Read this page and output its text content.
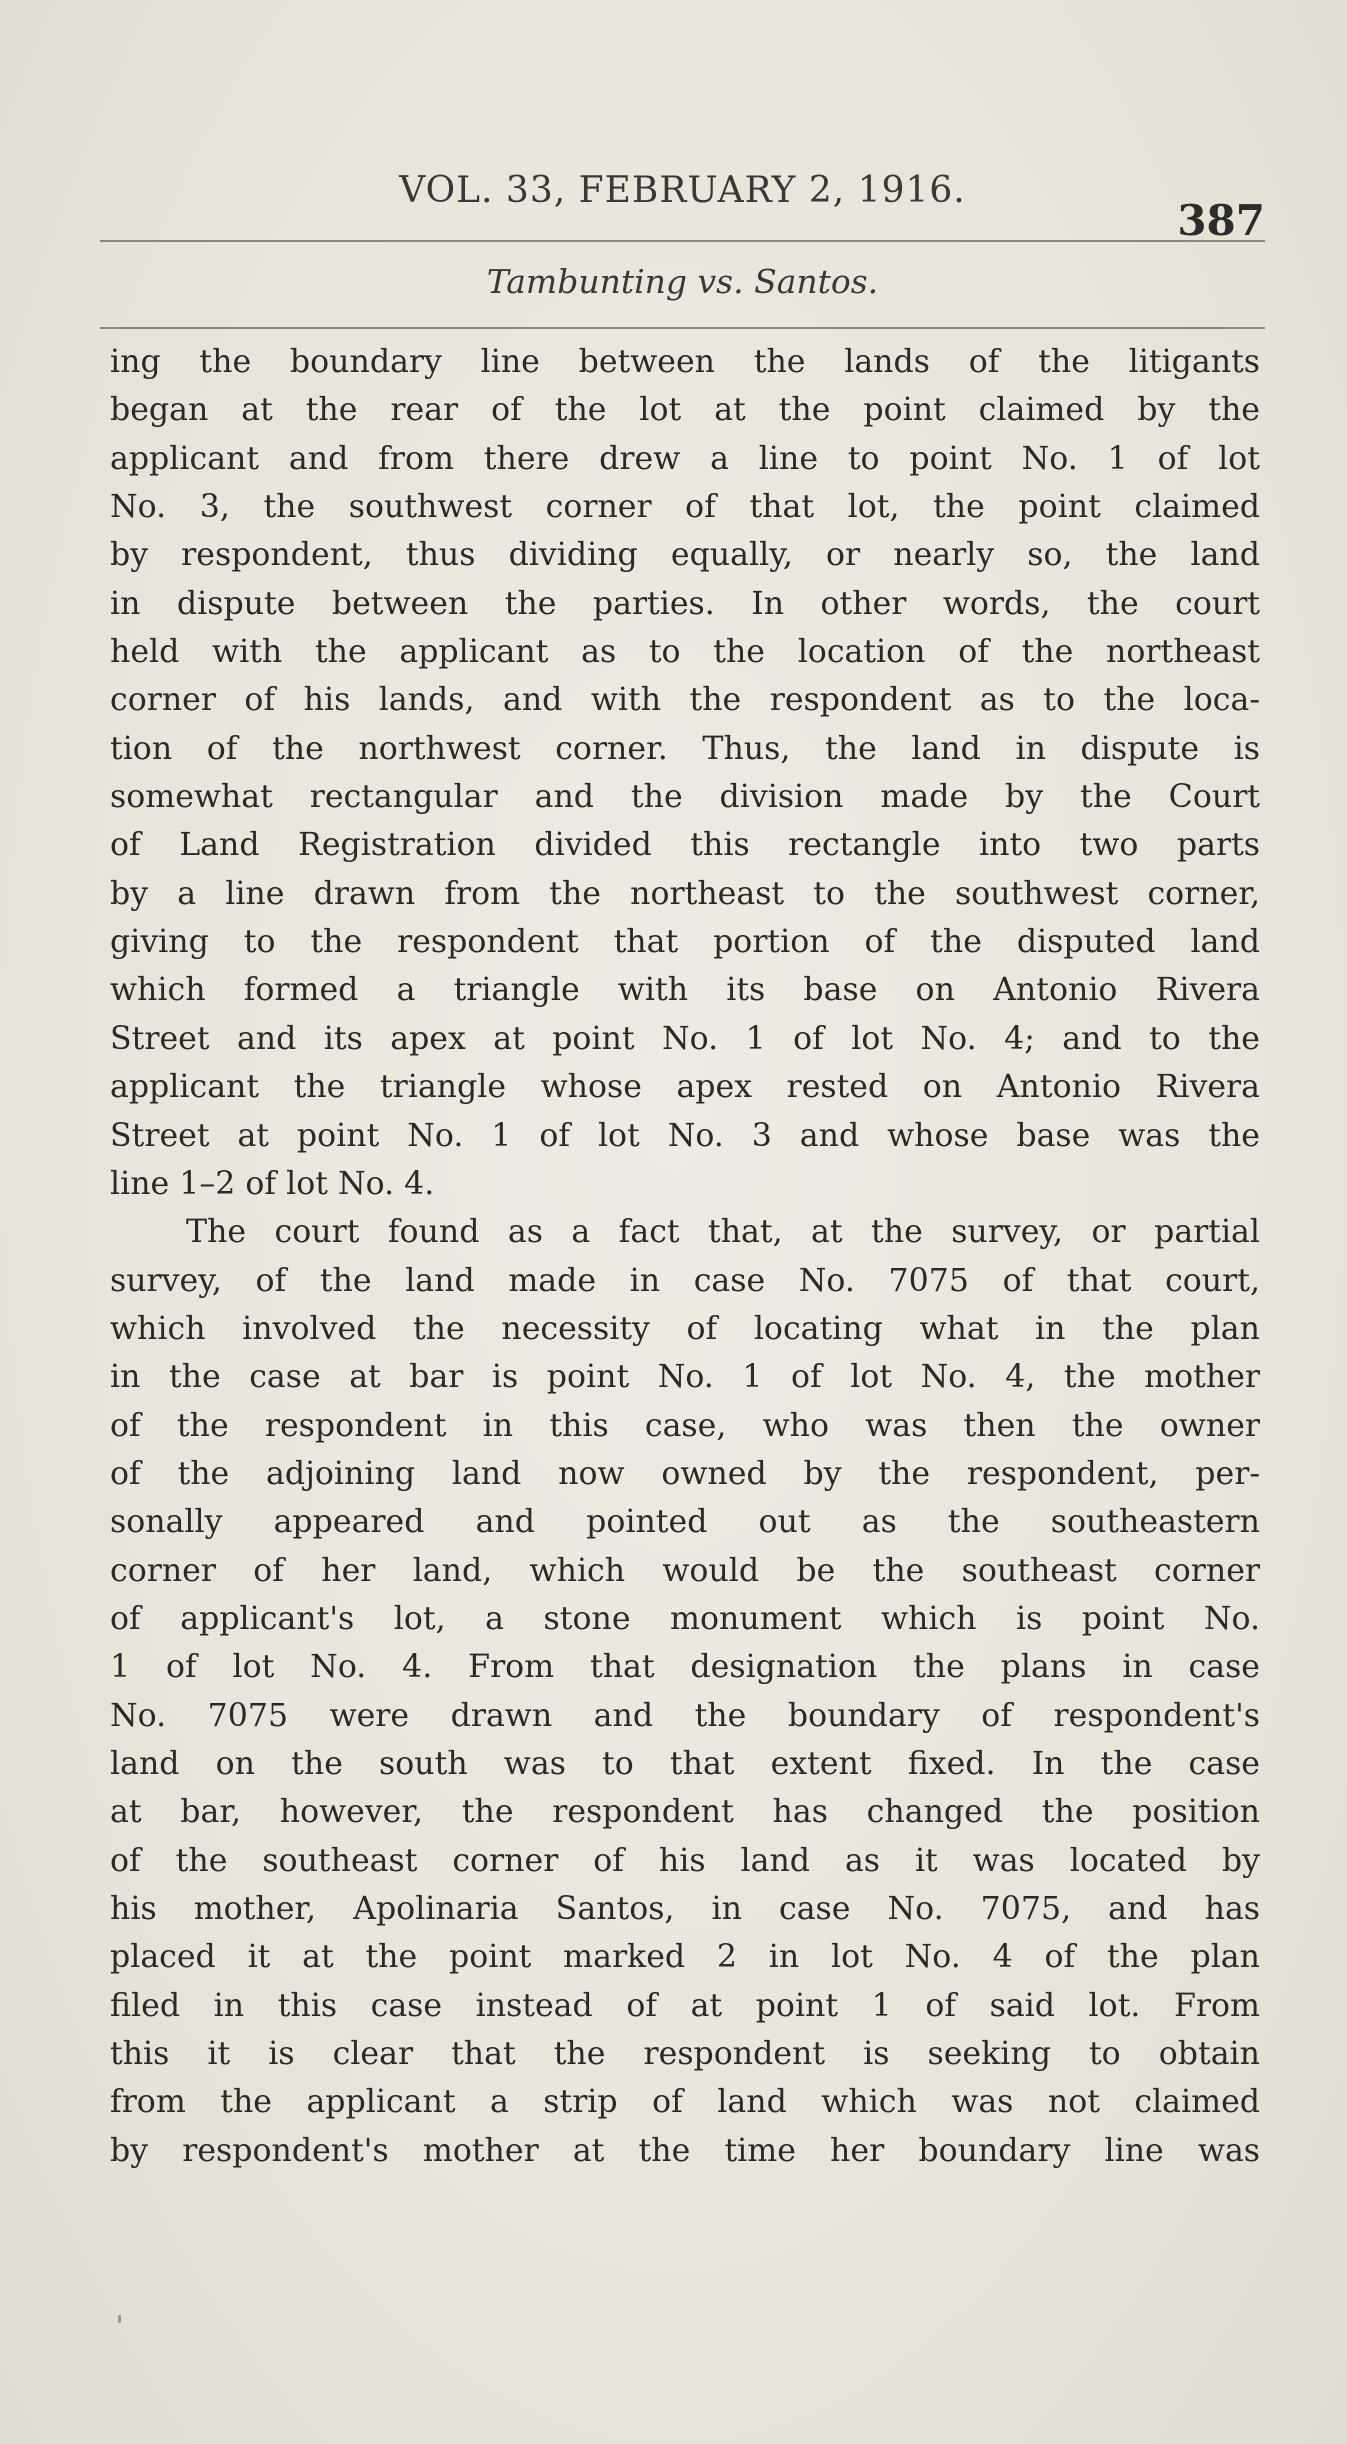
VOL. 33, FEBRUARY 2, 1916.
387
Tambunting vs. Santos.

ing the boundary line between the lands of the litigants
began at the rear of the lot at the point claimed by the
applicant and from there drew a line to point No. 1 of lot
No. 3, the southwest corner of that lot, the point claimed
by respondent, thus dividing equally, or nearly so, the land
in dispute between the parties. In other words, the court
held with the applicant as to the location of the northeast
corner of his lands, and with the respondent as to the loca-
tion of the northwest corner. Thus, the land in dispute is
somewhat rectangular and the division made by the Court
of Land Registration divided this rectangle into two parts
by a line drawn from the northeast to the southwest corner,
giving to the respondent that portion of the disputed land
which formed a triangle with its base on Antonio Rivera
Street and its apex at point No. 1 of lot No. 4; and to the
applicant the triangle whose apex rested on Antonio Rivera
Street at point No. 1 of lot No. 3 and whose base was the
line 1–2 of lot No. 4.

The court found as a fact that, at the survey, or partial
survey, of the land made in case No. 7075 of that court,
which involved the necessity of locating what in the plan
in the case at bar is point No. 1 of lot No. 4, the mother
of the respondent in this case, who was then the owner
of the adjoining land now owned by the respondent, per-
sonally appeared and pointed out as the southeastern
corner of her land, which would be the southeast corner
of applicant's lot, a stone monument which is point No.
1 of lot No. 4. From that designation the plans in case
No. 7075 were drawn and the boundary of respondent's
land on the south was to that extent fixed. In the case
at bar, however, the respondent has changed the position
of the southeast corner of his land as it was located by
his mother, Apolinaria Santos, in case No. 7075, and has
placed it at the point marked 2 in lot No. 4 of the plan
filed in this case instead of at point 1 of said lot. From
this it is clear that the respondent is seeking to obtain
from the applicant a strip of land which was not claimed
by respondent's mother at the time her boundary line was
